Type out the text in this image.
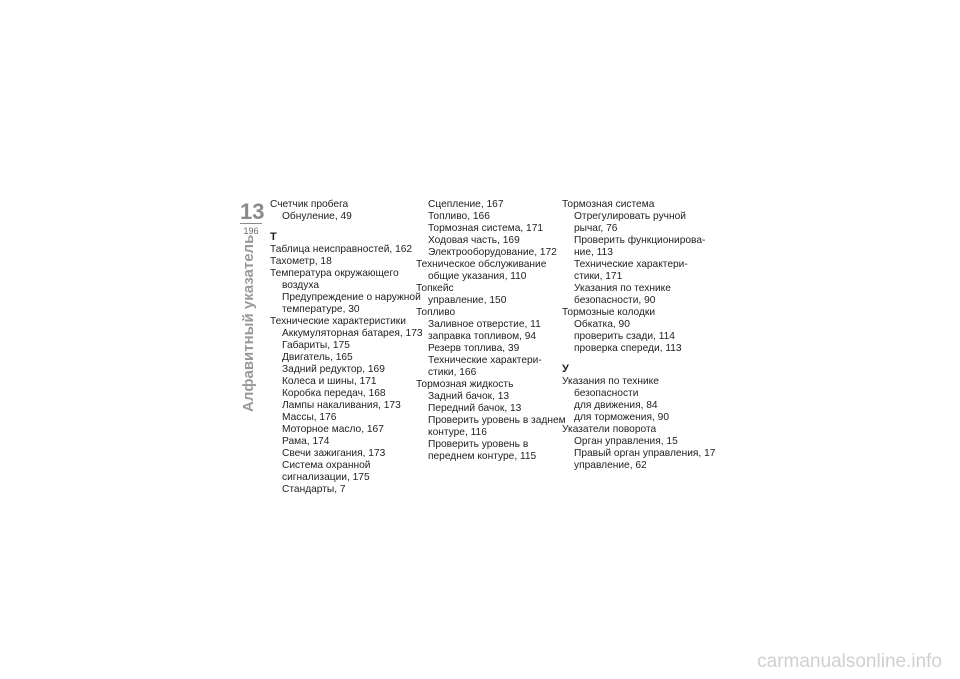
13
196
Алфавитный указатель
Счетчик пробега
Обнуление, 49
Т
Таблица неисправностей, 162
Тахометр, 18
Температура окружающего
воздуха
Предупреждение о наружной
температуре, 30
Технические характеристики
Аккумуляторная батарея, 173
Габариты, 175
Двигатель, 165
Задний редуктор, 169
Колеса и шины, 171
Коробка передач, 168
Лампы накаливания, 173
Массы, 176
Моторное масло, 167
Рама, 174
Свечи зажигания, 173
Система охранной
сигнализации, 175
Стандарты, 7
Сцепление, 167
Топливо, 166
Тормозная система, 171
Ходовая часть, 169
Электрооборудование, 172
Техническое обслуживание
общие указания, 110
Топкейс
управление, 150
Топливо
Заливное отверстие, 11
заправка топливом, 94
Резерв топлива, 39
Технические характери-
стики, 166
Тормозная жидкость
Задний бачок, 13
Передний бачок, 13
Проверить уровень в заднем
контуре, 116
Проверить уровень в
переднем контуре, 115
Тормозная система
Отрегулировать ручной
рычаг, 76
Проверить функционирова-
ние, 113
Технические характери-
стики, 171
Указания по технике
безопасности, 90
Тормозные колодки
Обкатка, 90
проверить сзади, 114
проверка спереди, 113
У
Указания по технике
безопасности
для движения, 84
для торможения, 90
Указатели поворота
Орган управления, 15
Правый орган управления, 17
управление, 62
carmanualsonline.info
